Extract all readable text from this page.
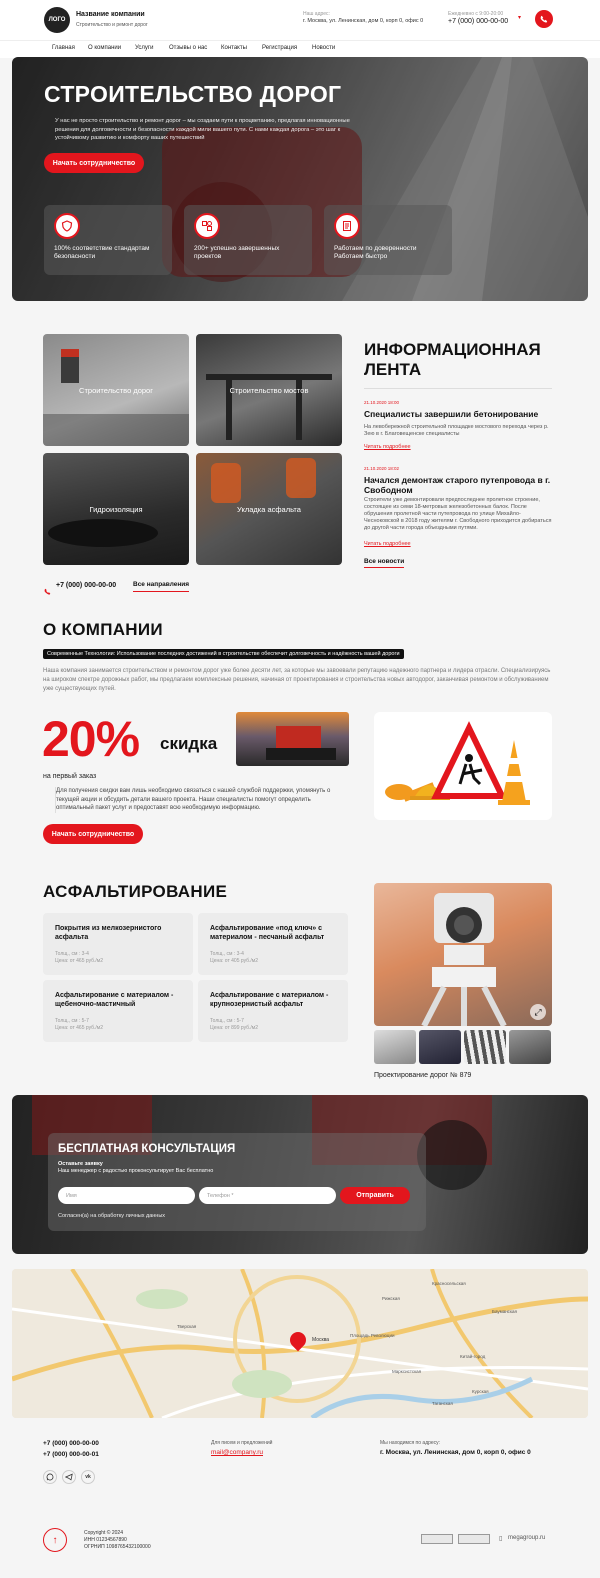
ЛОГО
Название компании
Строительство и ремонт дорог
Наш адрес:
г. Москва, ул. Ленинская, дом 0, корп 0, офис 0
Ежедневно с 9:00-20:00
+7 (000) 000-00-00 ▾
Главная О компании Услуги	Отзывы о нас Контакты	Регистрация Новости
СТРОИТЕЛЬСТВО ДОРОГ
У нас не просто строительство и ремонт дорог – мы создаем пути к процветанию, предлагая инновационные решения для долговечности и безопасности каждой мили вашего пути. С нами каждая дорога – это шаг к устойчивому развитию и комфорту ваших путешествий
Начать сотрудничество
100% соответствие стандартам безопасности
200+ успешно завершенных проектов
Работаем по доверенности Работаем быстро
Строительство дорог	Строительство мостов
Гидроизоляция	Укладка асфальта
+7 (000) 000-00-00	Все направления
ИНФОРМАЦИОННАЯ ЛЕНТА
21.10.2020 18:00
Специалисты завершили бетонирование
На левобережной строительной площадке мостового перехода через р. Зею в г. Благовещенске специалисты
Читать подробнее
21.10.2020 18:02
Начался демонтаж старого путепровода в г. Свободном
Строители уже демонтировали предпоследнее пролетное строение, состоящее из семи 18-метровых железобетонных балок. После обрушения пролетной части путепровода по улице Михайло-Чесноковской в 2018 году жителям г. Свободного приходится добираться до другой части города объездными путями.
Читать подробнее
Все новости
О КОМПАНИИ
Современные Технологии: Использование последних достижений в строительстве обеспечит долговечность и надёжность вашей дороги
Наша компания занимается строительством и ремонтом дорог уже более десяти лет, за которые мы завоевали репутацию надежного партнера и лидера отрасли. Специализируясь на широком спектре дорожных работ, мы предлагаем комплексные решения, начиная от проектирования и строительства новых автодорог, заканчивая ремонтом и обслуживанием уже существующих путей.
20% скидка
на первый заказ
Для получения скидки вам лишь необходимо связаться с нашей службой поддержки, упомянуть о текущей акции и обсудить детали вашего проекта. Наши специалисты помогут определить оптимальный пакет услуг и предоставят всю необходимую информацию.
Начать сотрудничество
АСФАЛЬТИРОВАНИЕ
Покрытия из мелкозернистого асфальта
Толщ., см : 3-4
Цена: от 465 руб./м2
Асфальтирование «под ключ» с материалом - песчаный асфальт
Толщ., см : 3-4
Цена: от 405 руб./м2
Асфальтирование с материалом - щебеночно-мастичный
Толщ., см : 5-7
Цена: от 465 руб./м2
Асфальтирование с материалом - крупнозернистый асфальт
Толщ., см : 5-7
Цена: от 899 руб./м2
⤢
Проектирование дорог № 879
БЕСПЛАТНАЯ КОНСУЛЬТАЦИЯ
Оставьте заявку
Наш менеджер с радостью проконсультирует Вас бесплатно
Имя	Телефон *	Отправить
Согласен(а) на обработку личных данных
Москва
Китай-город
Рижская
Тверская
Бауманская
Курская
Красносельская
Площадь Революции
Марксистская
Таганская
+7 (000) 000-00-00
+7 (000) 000-00-01
Для писем и предложений
mail@company.ru
Мы находимся по адресу:
г. Москва, ул. Ленинская, дом 0, корп 0, офис 0
vk
↑
Copyright © 2024
ИНН 01234567890
ОГРНИП 1098765432100000
▯ megagroup.ru
